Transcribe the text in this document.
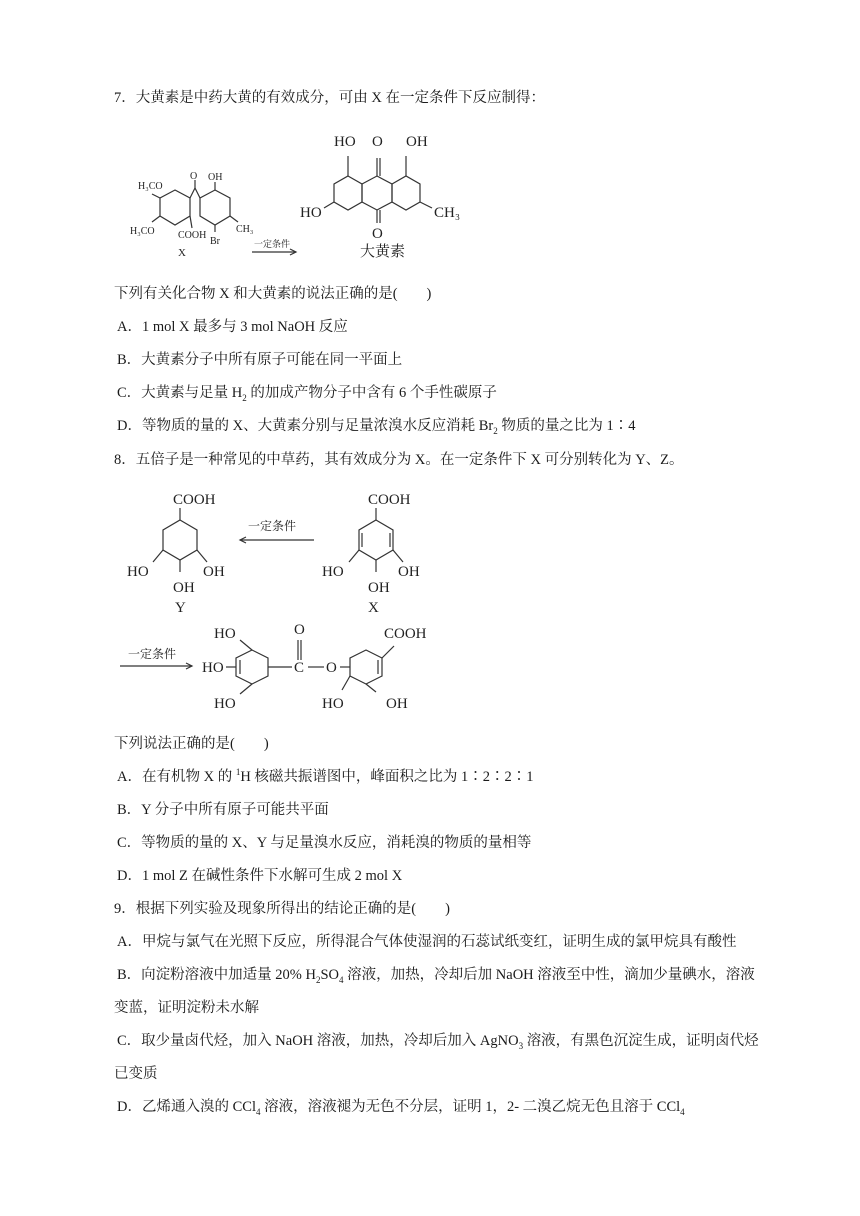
7．大黄素是中药大黄的有效成分，可由 X 在一定条件下反应制得：
H₃CO
O OH
H₃CO COOH
CH₃
Br
X
一定条件
HO O OH
HO
O
CH₃
大黄素
下列有关化合物 X 和大黄素的说法正确的是(　　)
A．1 mol X 最多与 3 mol NaOH 反应
B．大黄素分子中所有原子可能在同一平面上
C．大黄素与足量 $H_2$ 的加成产物分子中含有 6 个手性碳原子
D．等物质的量的 X、大黄素分别与足量浓溴水反应消耗 $Br_2$ 物质的量之比为 1∶4
8．五倍子是一种常见的中草药，其有效成分为 X。在一定条件下 X 可分别转化为 Y、Z。
COOH
HO	OH
OH
Y
一定条件
COOH
HO	OH
OH
X
一定条件
HO	O	COOH
HO	C O
HO	HO	OH
下列说法正确的是(　　)
A．在有机物 X 的 $^1$H 核磁共振谱图中，峰面积之比为 1∶2∶2∶1
B．Y 分子中所有原子可能共平面
C．等物质的量的 X、Y 与足量溴水反应，消耗溴的物质的量相等
D．1 mol Z 在碱性条件下水解可生成 2 mol X
9．根据下列实验及现象所得出的结论正确的是(　　)
A．甲烷与氯气在光照下反应，所得混合气体使湿润的石蕊试纸变红，证明生成的氯甲烷具有酸性
B．向淀粉溶液中加适量 20% $H_2SO_4$ 溶液，加热，冷却后加 NaOH 溶液至中性，滴加少量碘水，溶液
变蓝，证明淀粉未水解
C．取少量卤代烃，加入 NaOH 溶液，加热，冷却后加入 AgNO$_3$ 溶液，有黑色沉淀生成，证明卤代烃
已变质
D．乙烯通入溴的 CCl$_4$ 溶液，溶液褪为无色不分层，证明 1，2- 二溴乙烷无色且溶于 CCl$_4$
